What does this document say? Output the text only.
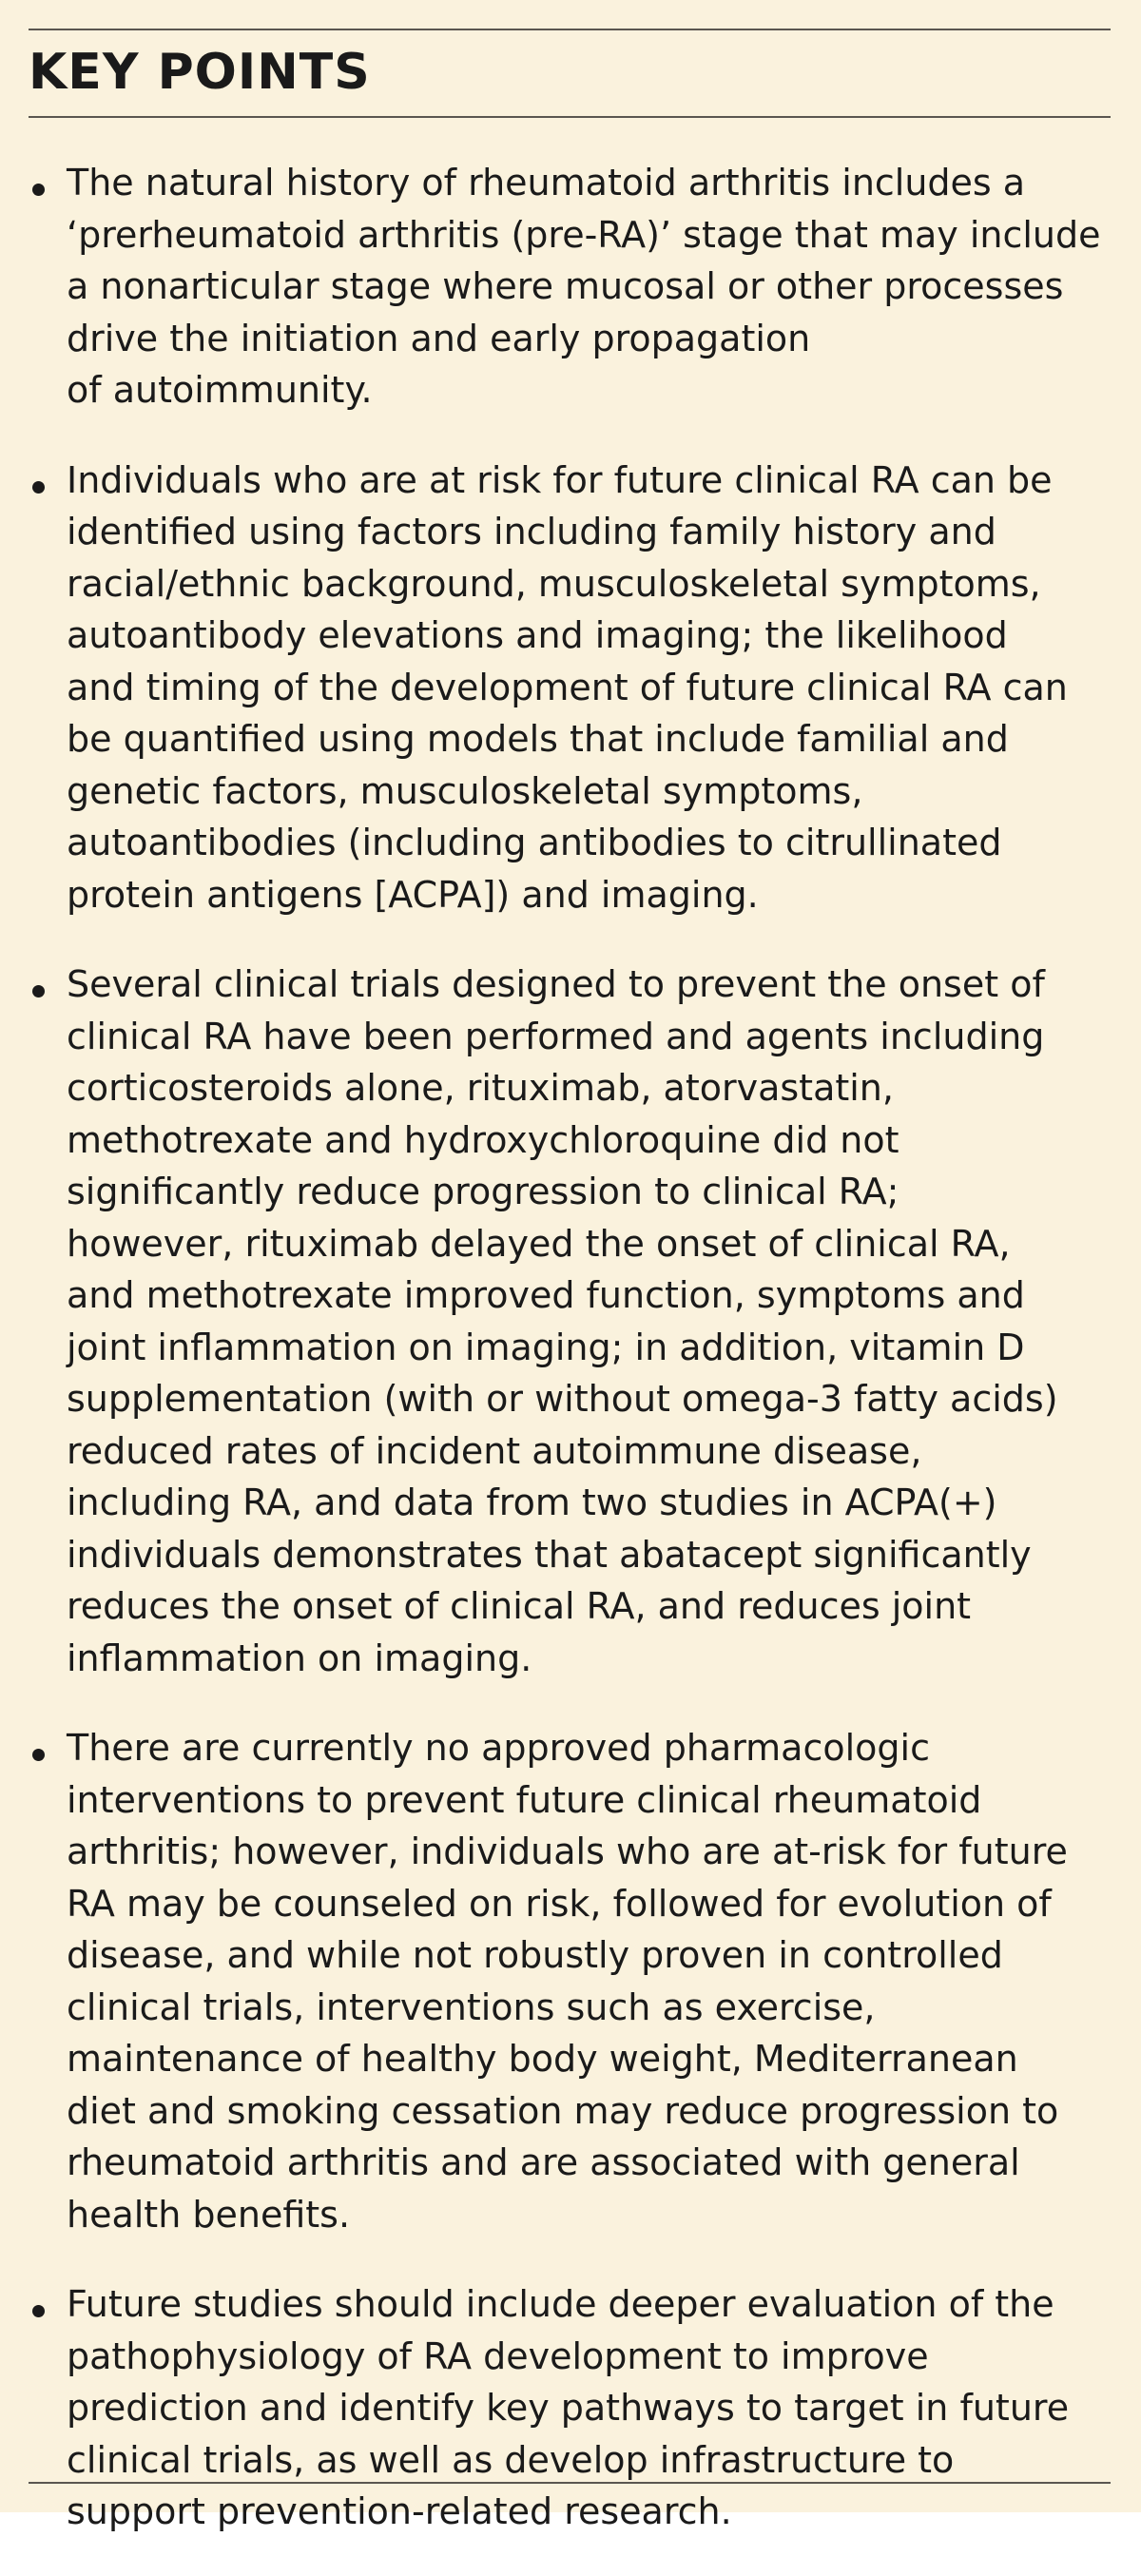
KEY POINTS
The natural history of rheumatoid arthritis includes a
‘prerheumatoid arthritis (pre-RA)’ stage that may include
a nonarticular stage where mucosal or other processes
drive the initiation and early propagation
of autoimmunity.
Individuals who are at risk for future clinical RA can be
identified using factors including family history and
racial/ethnic background, musculoskeletal symptoms,
autoantibody elevations and imaging; the likelihood
and timing of the development of future clinical RA can
be quantified using models that include familial and
genetic factors, musculoskeletal symptoms,
autoantibodies (including antibodies to citrullinated
protein antigens [ACPA]) and imaging.
Several clinical trials designed to prevent the onset of
clinical RA have been performed and agents including
corticosteroids alone, rituximab, atorvastatin,
methotrexate and hydroxychloroquine did not
significantly reduce progression to clinical RA;
however, rituximab delayed the onset of clinical RA,
and methotrexate improved function, symptoms and
joint inflammation on imaging; in addition, vitamin D
supplementation (with or without omega-3 fatty acids)
reduced rates of incident autoimmune disease,
including RA, and data from two studies in ACPA(+)
individuals demonstrates that abatacept significantly
reduces the onset of clinical RA, and reduces joint
inflammation on imaging.
There are currently no approved pharmacologic
interventions to prevent future clinical rheumatoid
arthritis; however, individuals who are at-risk for future
RA may be counseled on risk, followed for evolution of
disease, and while not robustly proven in controlled
clinical trials, interventions such as exercise,
maintenance of healthy body weight, Mediterranean
diet and smoking cessation may reduce progression to
rheumatoid arthritis and are associated with general
health benefits.
Future studies should include deeper evaluation of the
pathophysiology of RA development to improve
prediction and identify key pathways to target in future
clinical trials, as well as develop infrastructure to
support prevention-related research.
